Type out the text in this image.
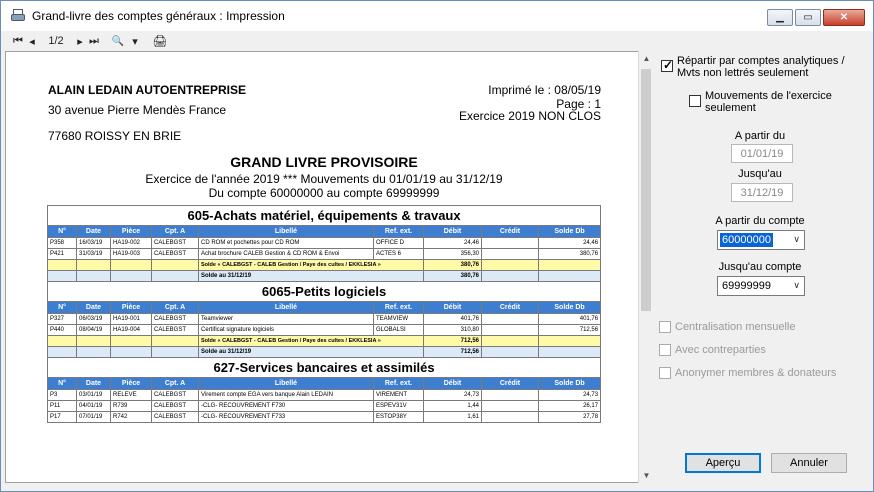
Grand-livre des comptes généraux : Impression	▁ ▭	✕
⏮ ◂	1/2	▸ ⏭	🔍 ▾ 🖨
ALAIN LEDAIN AUTOENTREPRISE
30 avenue Pierre Mendès France
77680 ROISSY EN BRIE
Imprimé le : 08/05/19
Page : 1
Exercice 2019 NON CLOS
GRAND LIVRE PROVISOIRE
Exercice de l'année 2019 *** Mouvements du 01/01/19 au 31/12/19
Du compte 60000000 au compte 69999999
605-Achats matériel, équipements & travaux								
N°	Date	Pièce	Cpt. A	Libellé	Ref. ext.	Débit	Crédit	Solde Db
P358	16/03/19	HA19-002	CALEBGST	CD ROM et pochettes pour CD ROM	OFFICE D	24,46		24,46
P421	31/03/19	HA19-003	CALEBGST	Achat brochure CALEB Gestion & CD ROM & Envoi	ACTES 6	356,30		380,76
				Solde « CALEBGST - CALEB Gestion / Paye des cultes / EKKLESIA »		380,76		
				Solde au 31/12/19		380,76		
6065-Petits logiciels								
N°	Date	Pièce	Cpt. A	Libellé	Ref. ext.	Débit	Crédit	Solde Db
P327	06/03/19	HA19-001	CALEBGST	Teamviewer	TEAMVIEW	401,76		401,76
P440	08/04/19	HA19-004	CALEBGST	Certificat signature logiciels	GLOBALSI	310,80		712,56
				Solde « CALEBGST - CALEB Gestion / Paye des cultes / EKKLESIA »		712,56		
				Solde au 31/12/19		712,56		
627-Services bancaires et assimilés								
N°	Date	Pièce	Cpt. A	Libellé	Ref. ext.	Débit	Crédit	Solde Db
P3	03/01/19	RELEVE	CALEBGST	Virement compte EGA vers banque Alain LEDAIN	VIREMENT	24,73		24,73
P11	04/01/19	R739	CALEBGST	-CLG- RECOUVREMENT F730	ESPEV31V	1,44		26,17
P17	07/01/19	R742	CALEBGST	-CLG- RECOUVREMENT F733	ESTOP38Y	1,61		27,78
▲
▼
✓ Répartir par comptes analytiques / Mvts non lettrés seulement
Mouvements de l'exercice seulement
A partir du
01/01/19
Jusqu'au
31/12/19
A partir du compte
60000000 ∨
Jusqu'au compte
69999999 ∨
Centralisation mensuelle
Avec contreparties
Anonymer membres & donateurs
Aperçu	Annuler
